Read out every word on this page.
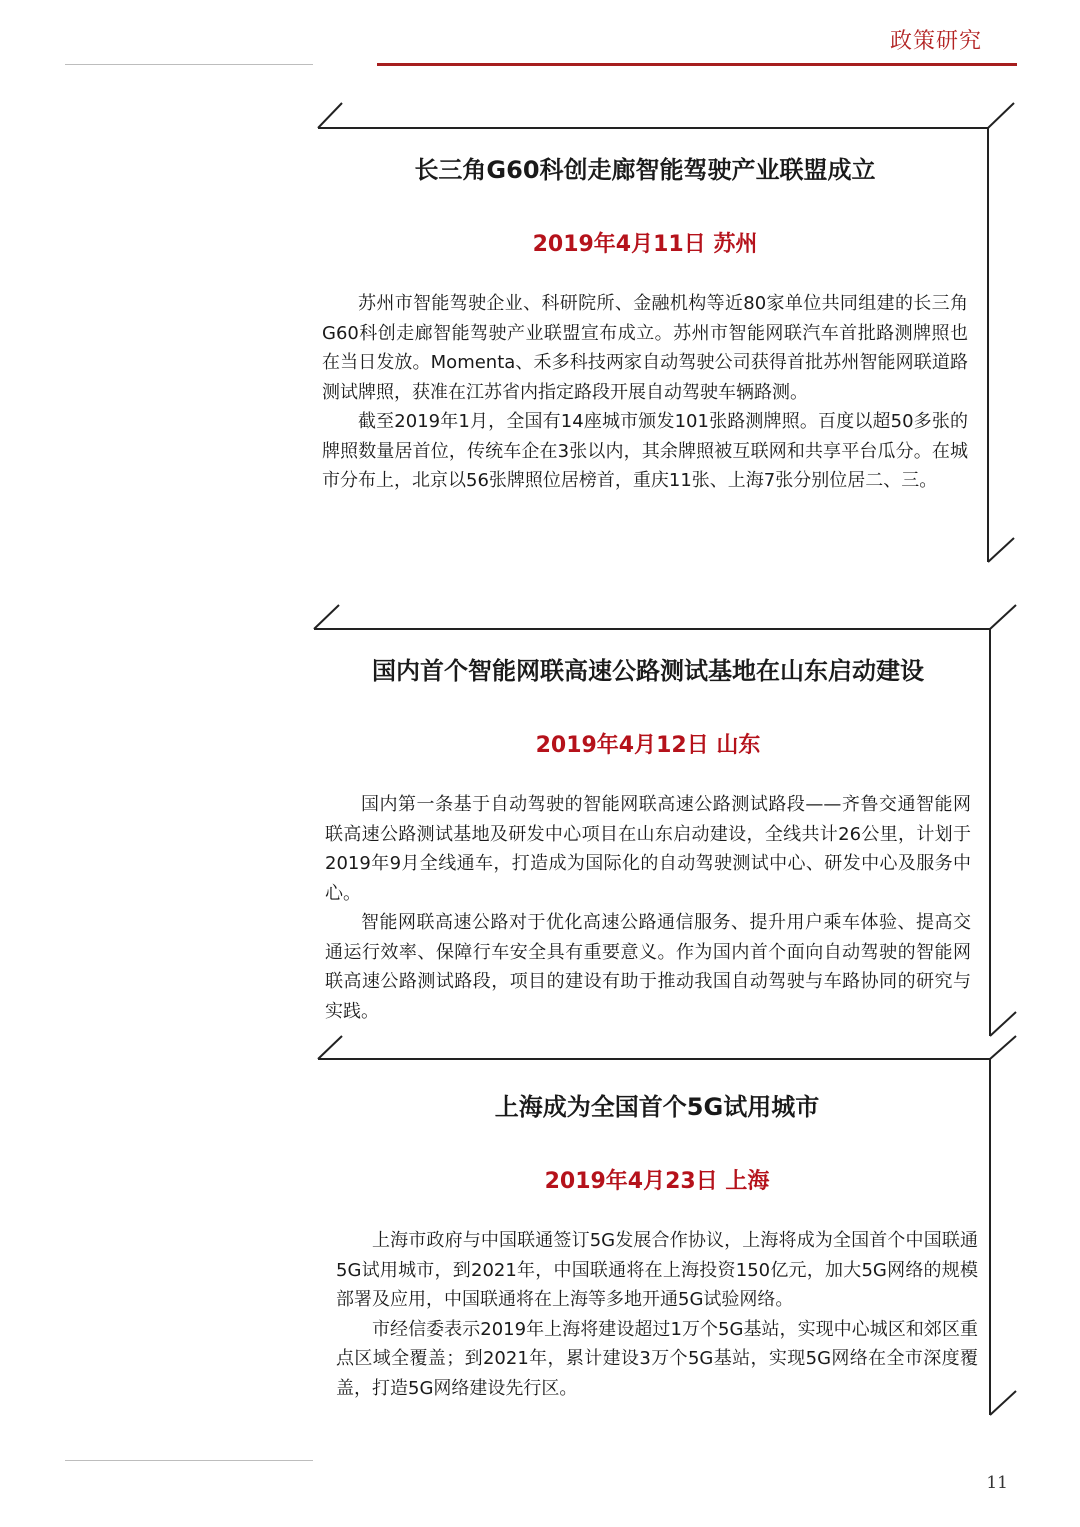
政策研究
长三角G60科创走廊智能驾驶产业联盟成立
2019年4月11日 苏州

苏州市智能驾驶企业、科研院所、金融机构等近80家单位共同组建的长三角G60科创走廊智能驾驶产业联盟宣布成立。苏州市智能网联汽车首批路测牌照也在当日发放。Momenta、禾多科技两家自动驾驶公司获得首批苏州智能网联道路测试牌照，获准在江苏省内指定路段开展自动驾驶车辆路测。

截至2019年1月，全国有14座城市颁发101张路测牌照。百度以超50多张的牌照数量居首位，传统车企在3张以内，其余牌照被互联网和共享平台瓜分。在城市分布上，北京以56张牌照位居榜首，重庆11张、上海7张分别位居二、三。

国内首个智能网联高速公路测试基地在山东启动建设
2019年4月12日 山东

国内第一条基于自动驾驶的智能网联高速公路测试路段——齐鲁交通智能网联高速公路测试基地及研发中心项目在山东启动建设，全线共计26公里，计划于2019年9月全线通车，打造成为国际化的自动驾驶测试中心、研发中心及服务中心。

智能网联高速公路对于优化高速公路通信服务、提升用户乘车体验、提高交通运行效率、保障行车安全具有重要意义。作为国内首个面向自动驾驶的智能网联高速公路测试路段，项目的建设有助于推动我国自动驾驶与车路协同的研究与实践。

上海成为全国首个5G试用城市
2019年4月23日 上海

上海市政府与中国联通签订5G发展合作协议，上海将成为全国首个中国联通5G试用城市，到2021年，中国联通将在上海投资150亿元，加大5G网络的规模部署及应用，中国联通将在上海等多地开通5G试验网络。

市经信委表示2019年上海将建设超过1万个5G基站，实现中心城区和郊区重点区域全覆盖；到2021年，累计建设3万个5G基站，实现5G网络在全市深度覆盖，打造5G网络建设先行区。

11
